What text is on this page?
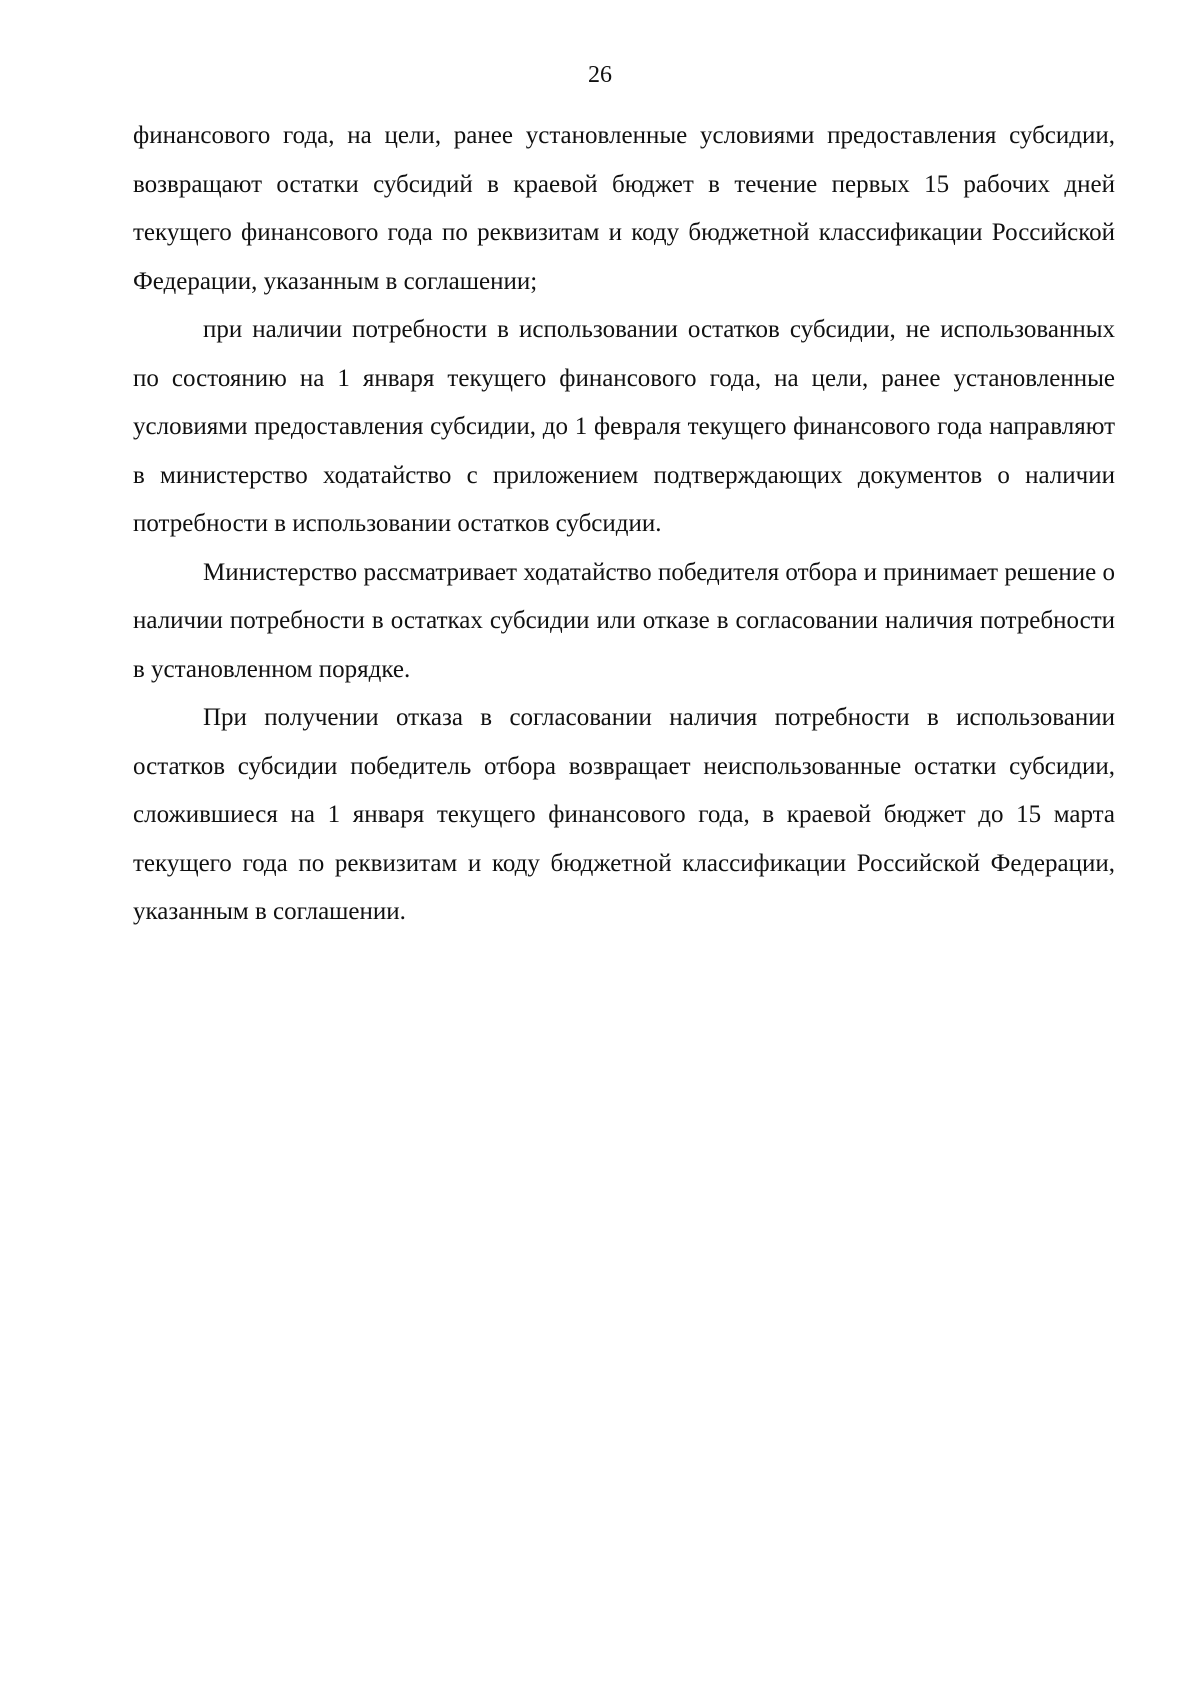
26

финансового года, на цели, ранее установленные условиями предоставления субсидии, возвращают остатки субсидий в краевой бюджет в течение первых 15 рабочих дней текущего финансового года по реквизитам и коду бюджетной классификации Российской Федерации, указанным в соглашении;

при наличии потребности в использовании остатков субсидии, не использованных по состоянию на 1 января текущего финансового года, на цели, ранее установленные условиями предоставления субсидии, до 1 февраля текущего финансового года направляют в министерство ходатайство с приложением подтверждающих документов о наличии потребности в использовании остатков субсидии.

Министерство рассматривает ходатайство победителя отбора и принимает решение о наличии потребности в остатках субсидии или отказе в согласовании наличия потребности в установленном порядке.

При получении отказа в согласовании наличия потребности в использовании остатков субсидии победитель отбора возвращает неиспользованные остатки субсидии, сложившиеся на 1 января текущего финансового года, в краевой бюджет до 15 марта текущего года по реквизитам и коду бюджетной классификации Российской Федерации, указанным в соглашении.
